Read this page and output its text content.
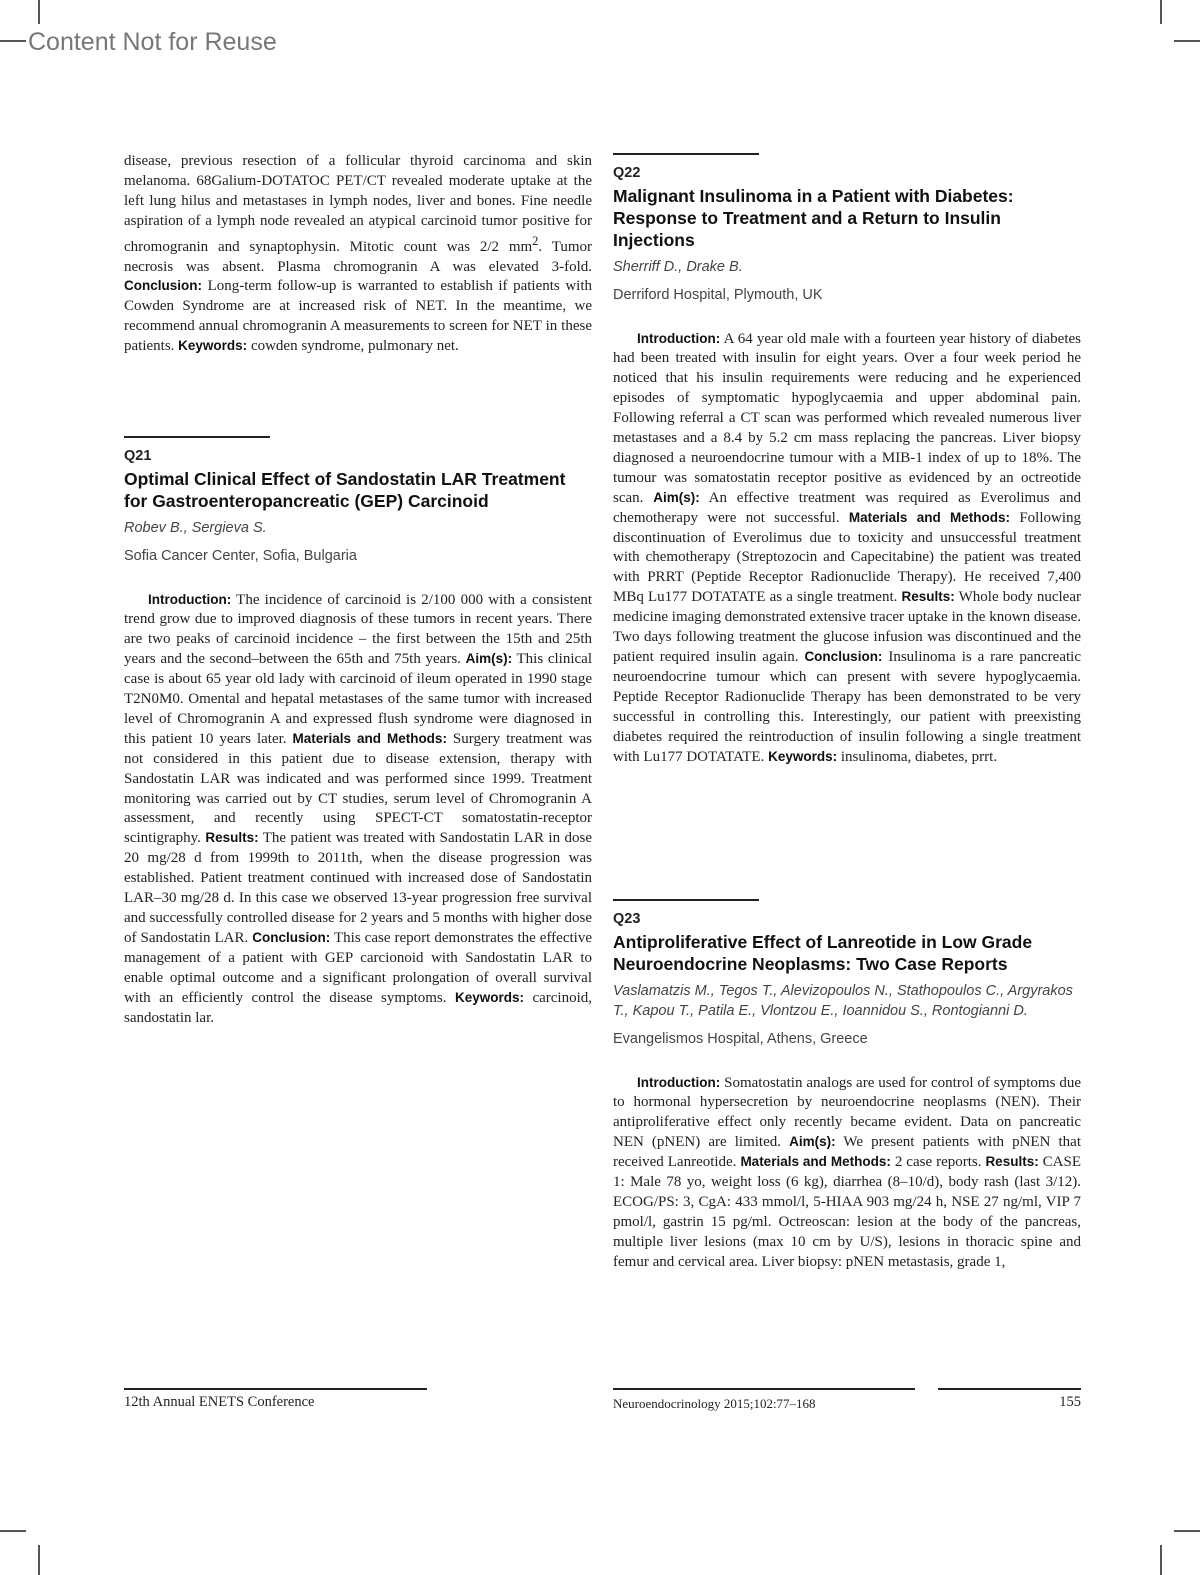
Content Not for Reuse

disease, previous resection of a follicular thyroid carcinoma and skin melanoma. 68Galium-DOTATOC PET/CT revealed moderate uptake at the left lung hilus and metastases in lymph nodes, liver and bones. Fine needle aspiration of a lymph node revealed an atypical carcinoid tumor positive for chromogranin and synaptophysin. Mitotic count was 2/2 $mm^2$. Tumor necrosis was absent. Plasma chromogranin A was elevated 3-fold. Conclusion: Long-term follow-up is warranted to establish if patients with Cowden Syndrome are at increased risk of NET. In the meantime, we recommend annual chromogranin A measurements to screen for NET in these patients. Keywords: cowden syndrome, pulmonary net.

Q21
Optimal Clinical Effect of Sandostatin LAR Treatment for Gastroenteropancreatic (GEP) Carcinoid
Robev B., Sergieva S.
Sofia Cancer Center, Sofia, Bulgaria

Introduction: The incidence of carcinoid is 2/100 000 with a consistent trend grow due to improved diagnosis of these tumors in recent years. There are two peaks of carcinoid incidence – the first between the 15th and 25th years and the second–between the 65th and 75th years. Aim(s): This clinical case is about 65 year old lady with carcinoid of ileum operated in 1990 stage T2N0M0. Omental and hepatal metastases of the same tumor with increased level of Chromogranin A and expressed flush syndrome were diagnosed in this patient 10 years later. Materials and Methods: Surgery treatment was not considered in this patient due to disease extension, therapy with Sandostatin LAR was indicated and was performed since 1999. Treatment monitoring was carried out by CT studies, serum level of Chromogranin A assessment, and recently using SPECT-CT somatostatin-receptor scintigraphy. Results: The patient was treated with Sandostatin LAR in dose 20 mg/28 d from 1999th to 2011th, when the disease progression was established. Patient treatment continued with increased dose of Sandostatin LAR–30 mg/28 d. In this case we observed 13-year progression free survival and successfully controlled disease for 2 years and 5 months with higher dose of Sandostatin LAR. Conclusion: This case report demonstrates the effective management of a patient with GEP carcionoid with Sandostatin LAR to enable optimal outcome and a significant prolongation of overall survival with an efficiently control the disease symptoms. Keywords: carcinoid, sandostatin lar.

Q22
Malignant Insulinoma in a Patient with Diabetes: Response to Treatment and a Return to Insulin Injections
Sherriff D., Drake B.
Derriford Hospital, Plymouth, UK

Introduction: A 64 year old male with a fourteen year history of diabetes had been treated with insulin for eight years. Over a four week period he noticed that his insulin requirements were reducing and he experienced episodes of symptomatic hypoglycaemia and upper abdominal pain. Following referral a CT scan was performed which revealed numerous liver metastases and a 8.4 by 5.2 cm mass replacing the pancreas. Liver biopsy diagnosed a neuroendocrine tumour with a MIB-1 index of up to 18%. The tumour was somatostatin receptor positive as evidenced by an octreotide scan. Aim(s): An effective treatment was required as Everolimus and chemotherapy were not successful. Materials and Methods: Following discontinuation of Everolimus due to toxicity and unsuccessful treatment with chemotherapy (Streptozocin and Capecitabine) the patient was treated with PRRT (Peptide Receptor Radionuclide Therapy). He received 7,400 MBq Lu177 DOTATATE as a single treatment. Results: Whole body nuclear medicine imaging demonstrated extensive tracer uptake in the known disease. Two days following treatment the glucose infusion was discontinued and the patient required insulin again. Conclusion: Insulinoma is a rare pancreatic neuroendocrine tumour which can present with severe hypoglycaemia. Peptide Receptor Radionuclide Therapy has been demonstrated to be very successful in controlling this. Interestingly, our patient with preexisting diabetes required the reintroduction of insulin following a single treatment with Lu177 DOTATATE. Keywords: insulinoma, diabetes, prrt.

Q23
Antiproliferative Effect of Lanreotide in Low Grade Neuroendocrine Neoplasms: Two Case Reports
Vaslamatzis M., Tegos T., Alevizopoulos N., Stathopoulos C., Argyrakos T., Kapou T., Patila E., Vlontzou E., Ioannidou S., Rontogianni D.
Evangelismos Hospital, Athens, Greece

Introduction: Somatostatin analogs are used for control of symptoms due to hormonal hypersecretion by neuroendocrine neoplasms (NEN). Their antiproliferative effect only recently became evident. Data on pancreatic NEN (pNEN) are limited. Aim(s): We present patients with pNEN that received Lanreotide. Materials and Methods: 2 case reports. Results: CASE 1: Male 78 yo, weight loss (6 kg), diarrhea (8–10/d), body rash (last 3/12). ECOG/PS: 3, CgA: 433 mmol/l, 5-HIAA 903 mg/24 h, NSE 27 ng/ml, VIP 7 pmol/l, gastrin 15 pg/ml. Octreoscan: lesion at the body of the pancreas, multiple liver lesions (max 10 cm by U/S), lesions in thoracic spine and femur and cervical area. Liver biopsy: pNEN metastasis, grade 1,

12th Annual ENETS Conference	Neuroendocrinology 2015;102:77–168	155
